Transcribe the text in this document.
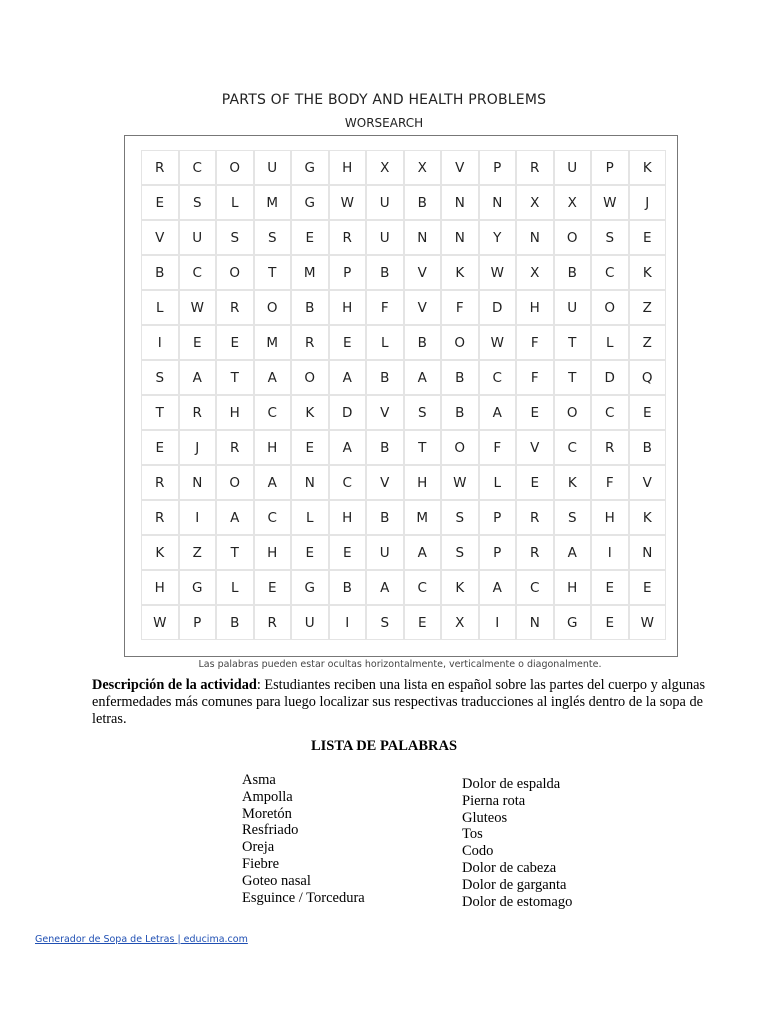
PARTS OF THE BODY AND HEALTH PROBLEMS
WORSEARCH
R	C	O	U	G	H	X	X	V	P	R	U	P	K
E	S	L	M	G	W	U	B	N	N	X	X	W	J
V	U	S	S	E	R	U	N	N	Y	N	O	S	E
B	C	O	T	M	P	B	V	K	W	X	B	C	K
L	W	R	O	B	H	F	V	F	D	H	U	O	Z
I	E	E	M	R	E	L	B	O	W	F	T	L	Z
S	A	T	A	O	A	B	A	B	C	F	T	D	Q
T	R	H	C	K	D	V	S	B	A	E	O	C	E
E	J	R	H	E	A	B	T	O	F	V	C	R	B
R	N	O	A	N	C	V	H	W	L	E	K	F	V
R	I	A	C	L	H	B	M	S	P	R	S	H	K
K	Z	T	H	E	E	U	A	S	P	R	A	I	N
H	G	L	E	G	B	A	C	K	A	C	H	E	E
W	P	B	R	U	I	S	E	X	I	N	G	E	W
Las palabras pueden estar ocultas horizontalmente, verticalmente o diagonalmente.
Descripción de la actividad: Estudiantes reciben una lista en español sobre las partes del cuerpo y algunas enfermedades más comunes para luego localizar sus respectivas traducciones al inglés dentro de la sopa de letras.
LISTA DE PALABRAS
Asma
Ampolla
Moretón
Resfriado
Oreja
Fiebre
Goteo nasal
Esguince / Torcedura
Dolor de espalda
Pierna rota
Gluteos
Tos
Codo
Dolor de cabeza
Dolor de garganta
Dolor de estomago
Generador de Sopa de Letras | educima.com
